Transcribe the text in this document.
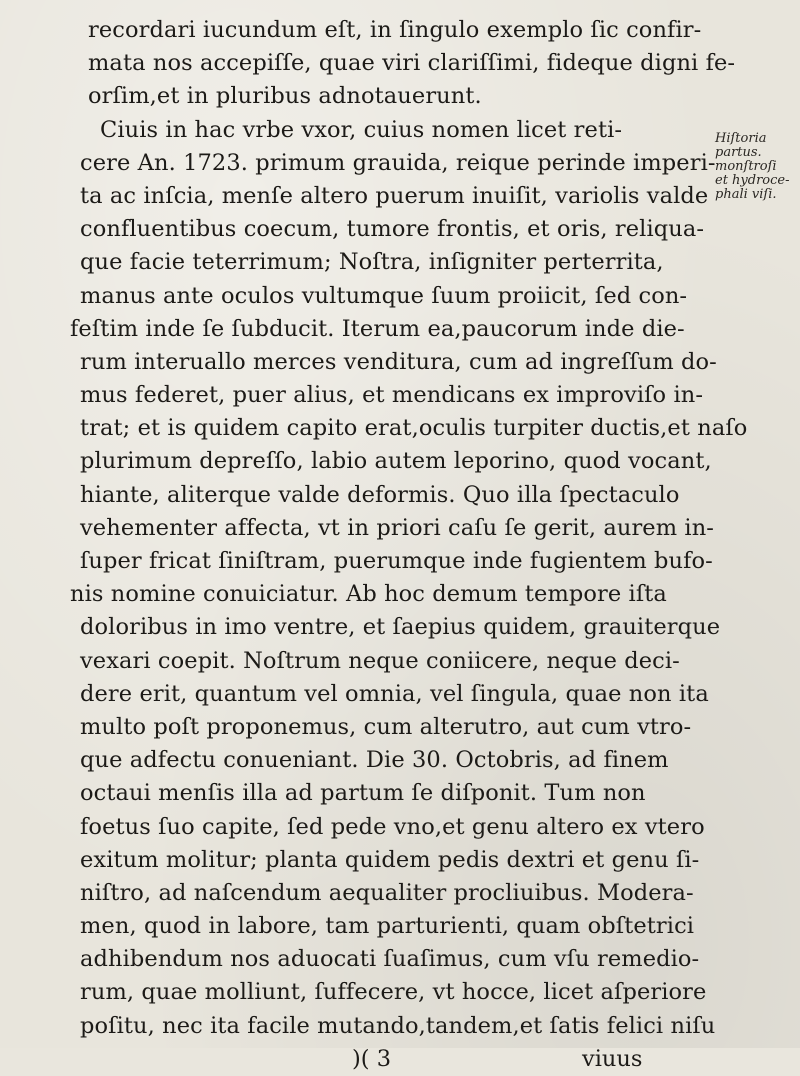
recordari iucundum eſt, in ſingulo exemplo ſic confir-
mata nos accepiſſe, quae viri clariſſimi, fideque digni fe-
orſim,et in pluribus adnotauerunt.
Ciuis in hac vrbe vxor, cuius nomen licet reti-
cere An. 1723. primum grauida, reique perinde imperi-
ta ac inſcia, menſe altero puerum inuiſit, variolis valde
confluentibus coecum, tumore frontis, et oris, reliqua-
que facie teterrimum; Noſtra, inſigniter perterrita,
manus ante oculos vultumque ſuum proiicit, ſed con-
feſtim inde ſe ſubducit. Iterum ea,paucorum inde die-
rum interuallo merces venditura, cum ad ingreſſum do-
mus federet, puer alius, et mendicans ex improviſo in-
trat; et is quidem capito erat,oculis turpiter ductis,et naſo
plurimum depreſſo, labio autem leporino, quod vocant,
hiante, aliterque valde deformis. Quo illa ſpectaculo
vehementer affecta, vt in priori caſu ſe gerit, aurem in-
ſuper fricat ſiniſtram, puerumque inde fugientem bufo-
nis nomine conuiciatur. Ab hoc demum tempore iſta
doloribus in imo ventre, et ſaepius quidem, grauiterque
vexari coepit. Noſtrum neque coniicere, neque deci-
dere erit, quantum vel omnia, vel ſingula, quae non ita
multo poſt proponemus, cum alterutro, aut cum vtro-
que adfectu conueniant. Die 30. Octobris, ad finem
octaui menſis illa ad partum ſe diſponit. Tum non
foetus ſuo capite, ſed pede vno,et genu altero ex vtero
exitum molitur; planta quidem pedis dextri et genu ſi-
niſtro, ad naſcendum aequaliter procliuibus. Modera-
men, quod in labore, tam parturienti, quam obſtetrici
adhibendum nos aduocati ſuaſimus, cum vſu remedio-
rum, quae molliunt, ſuffecere, vt hocce, licet aſperiore
poſitu, nec ita facile mutando,tandem,et ſatis felici niſu
)( 3	viuus
Hiſtoria
partus.
monſtroſi
et hydroce-
phali viſi.
